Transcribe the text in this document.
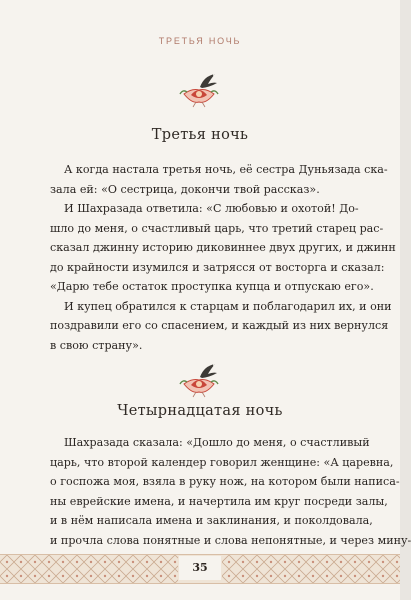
ТРЕТЬЯ НОЧЬ
Третья ночь
А когда настала третья ночь, её сестра Дуньязада ска-
зала ей: «О сестрица, докончи твой рассказ».
И Шахразада ответила: «С любовью и охотой! До-
шло до меня, о счастливый царь, что третий старец рас-
сказал джинну историю диковиннее двух других, и джинн
до крайности изумился и затрясся от восторга и сказал:
«Дарю тебе остаток проступка купца и отпускаю его».
И купец обратился к старцам и поблагодарил их, и они
поздравили его со спасением, и каждый из них вернулся
в свою страну».
Четырнадцатая ночь
Шахразада сказала: «Дошло до меня, о счастливый
царь, что второй календер говорил женщине: «А царевна,
о госпожа моя, взяла в руку нож, на котором были написа-
ны еврейские имена, и начертила им круг посреди залы,
и в нём написала имена и заклинания, и поколдовала,
и прочла слова понятные и слова непонятные, и через мину-
35
